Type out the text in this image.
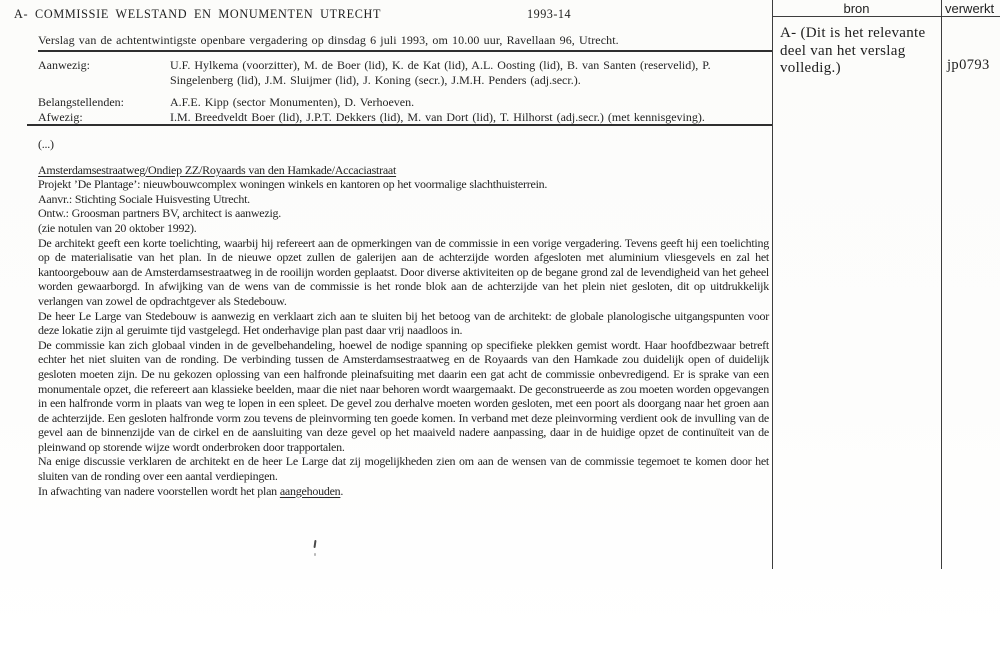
A- COMMISSIE WELSTAND EN MONUMENTEN UTRECHT	1993-14
Verslag van de achtentwintigste openbare vergadering op dinsdag 6 juli 1993, om 10.00 uur, Ravellaan 96, Utrecht.
Aanwezig:	U.F. Hylkema (voorzitter), M. de Boer (lid), K. de Kat (lid), A.L. Oosting (lid), B. van Santen (reservelid), P. Singelenberg (lid), J.M. Sluijmer (lid), J. Koning (secr.), J.M.H. Penders (adj.secr.).
Belangstellenden:	A.F.E. Kipp (sector Monumenten), D. Verhoeven.
Afwezig:	I.M. Breedveldt Boer (lid), J.P.T. Dekkers (lid), M. van Dort (lid), T. Hilhorst (adj.secr.) (met kennisgeving).
(...)
Amsterdamsestraatweg/Ondiep ZZ/Royaards van den Hamkade/Accaciastraat
Projekt ’De Plantage’: nieuwbouwcomplex woningen winkels en kantoren op het voormalige slachthuisterrein.
Aanvr.: Stichting Sociale Huisvesting Utrecht.
Ontw.: Groosman partners BV, architect is aanwezig.
(zie notulen van 20 oktober 1992).
De architekt geeft een korte toelichting, waarbij hij refereert aan de opmerkingen van de commissie in een vorige vergadering. Tevens geeft hij een toelichting op de materialisatie van het plan. In de nieuwe opzet zullen de galerijen aan de achterzijde worden afgesloten met aluminium vliesgevels en zal het kantoorgebouw aan de Amsterdamsestraatweg in de rooilijn worden geplaatst. Door diverse aktiviteiten op de begane grond zal de levendigheid van het geheel worden gewaarborgd. In afwijking van de wens van de commissie is het ronde blok aan de achterzijde van het plein niet gesloten, dit op uitdrukkelijk verlangen van zowel de opdrachtgever als Stedebouw.
De heer Le Large van Stedebouw is aanwezig en verklaart zich aan te sluiten bij het betoog van de architekt: de globale planologische uitgangspunten voor deze lokatie zijn al geruimte tijd vastgelegd. Het onderhavige plan past daar vrij naadloos in.
De commissie kan zich globaal vinden in de gevelbehandeling, hoewel de nodige spanning op specifieke plekken gemist wordt. Haar hoofdbezwaar betreft echter het niet sluiten van de ronding. De verbinding tussen de Amsterdamsestraatweg en de Royaards van den Hamkade zou duidelijk open of duidelijk gesloten moeten zijn. De nu gekozen oplossing van een halfronde pleinafsuiting met daarin een gat acht de commissie onbevredigend. Er is sprake van een monumentale opzet, die refereert aan klassieke beelden, maar die niet naar behoren wordt waargemaakt. De geconstrueerde as zou moeten worden opgevangen in een halfronde vorm in plaats van weg te lopen in een spleet. De gevel zou derhalve moeten worden gesloten, met een poort als doorgang naar het groen aan de achterzijde. Een gesloten halfronde vorm zou tevens de pleinvorming ten goede komen. In verband met deze pleinvorming verdient ook de invulling van de gevel aan de binnenzijde van de cirkel en de aansluiting van deze gevel op het maaiveld nadere aanpassing, daar in de huidige opzet de continuïteit van de pleinwand op storende wijze wordt onderbroken door trapportalen.
Na enige discussie verklaren de architekt en de heer Le Large dat zij mogelijkheden zien om aan de wensen van de commissie tegemoet te komen door het sluiten van de ronding over een aantal verdiepingen.
In afwachting van nadere voorstellen wordt het plan aangehouden.
bron	verwerkt
A- (Dit is het relevante deel van het verslag volledig.)	jp0793
